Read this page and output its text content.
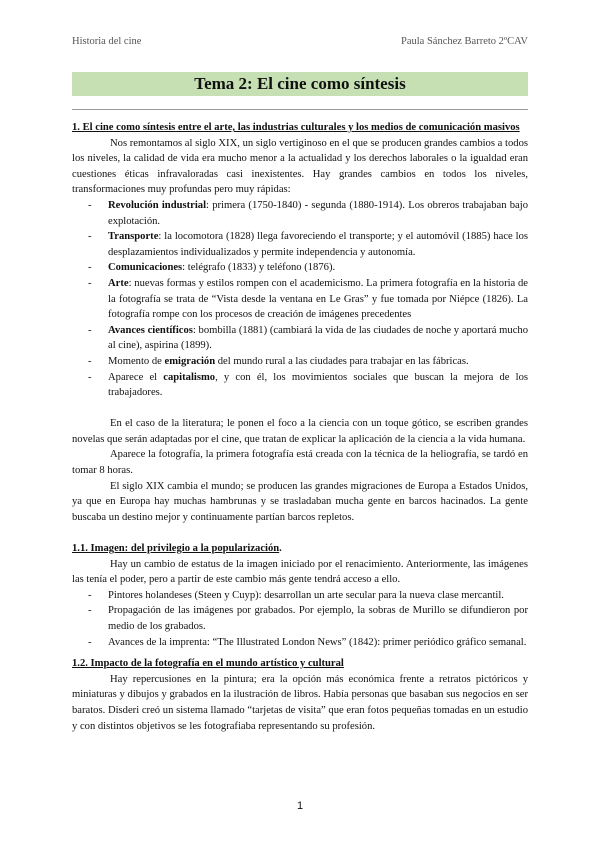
Historia del cine	Paula Sánchez Barreto 2ºCAV
Tema 2: El cine como síntesis

1. El cine como síntesis entre el arte, las industrias culturales y los medios de comunicación masivos

Nos remontamos al siglo XIX, un siglo vertiginoso en el que se producen grandes cambios a todos los niveles, la calidad de vida era mucho menor a la actualidad y los derechos laborales o la igualdad eran cuestiones éticas infravaloradas casi inexistentes. Hay grandes cambios en todos los niveles, transformaciones muy profundas pero muy rápidas:

- Revolución industrial: primera (1750-1840) - segunda (1880-1914). Los obreros trabajaban bajo explotación.
- Transporte: la locomotora (1828) llega favoreciendo el transporte; y el automóvil (1885) hace los desplazamientos individualizados y permite independencia y autonomía.
- Comunicaciones: telégrafo (1833) y teléfono (1876).
- Arte: nuevas formas y estilos rompen con el academicismo. La primera fotografía en la historia de la fotografía se trata de “Vista desde la ventana en Le Gras” y fue tomada por Niépce (1826). La fotografía rompe con los procesos de creación de imágenes precedentes
- Avances científicos: bombilla (1881) (cambiará la vida de las ciudades de noche y aportará mucho al cine), aspirina (1899).
- Momento de emigración del mundo rural a las ciudades para trabajar en las fábricas.
- Aparece el capitalismo, y con él, los movimientos sociales que buscan la mejora de los trabajadores.

En el caso de la literatura; le ponen el foco a la ciencia con un toque gótico, se escriben grandes novelas que serán adaptadas por el cine, que tratan de explicar la aplicación de la ciencia a la vida humana.

Aparece la fotografía, la primera fotografía está creada con la técnica de la heliografía, se tardó en tomar 8 horas.

El siglo XIX cambia el mundo; se producen las grandes migraciones de Europa a Estados Unidos, ya que en Europa hay muchas hambrunas y se trasladaban mucha gente en barcos hacinados. La gente buscaba un destino mejor y continuamente partían barcos repletos.

1.1. Imagen: del privilegio a la popularización.

Hay un cambio de estatus de la imagen iniciado por el renacimiento. Anteriormente, las imágenes las tenía el poder, pero a partir de este cambio más gente tendrá acceso a ello.

- Pintores holandeses (Steen y Cuyp): desarrollan un arte secular para la nueva clase mercantil.
- Propagación de las imágenes por grabados. Por ejemplo, la sobras de Murillo se difundieron por medio de los grabados.
- Avances de la imprenta: “The Illustrated London News” (1842): primer periódico gráfico semanal.

1.2. Impacto de la fotografía en el mundo artístico y cultural

Hay repercusiones en la pintura; era la opción más económica frente a retratos pictóricos y miniaturas y dibujos y grabados en la ilustración de libros. Había personas que basaban sus negocios en ser baratos. Disderi creó un sistema llamado “tarjetas de visita” que eran fotos pequeñas tomadas en un estudio y con distintos objetivos se les fotografiaba representando su profesión.

1
